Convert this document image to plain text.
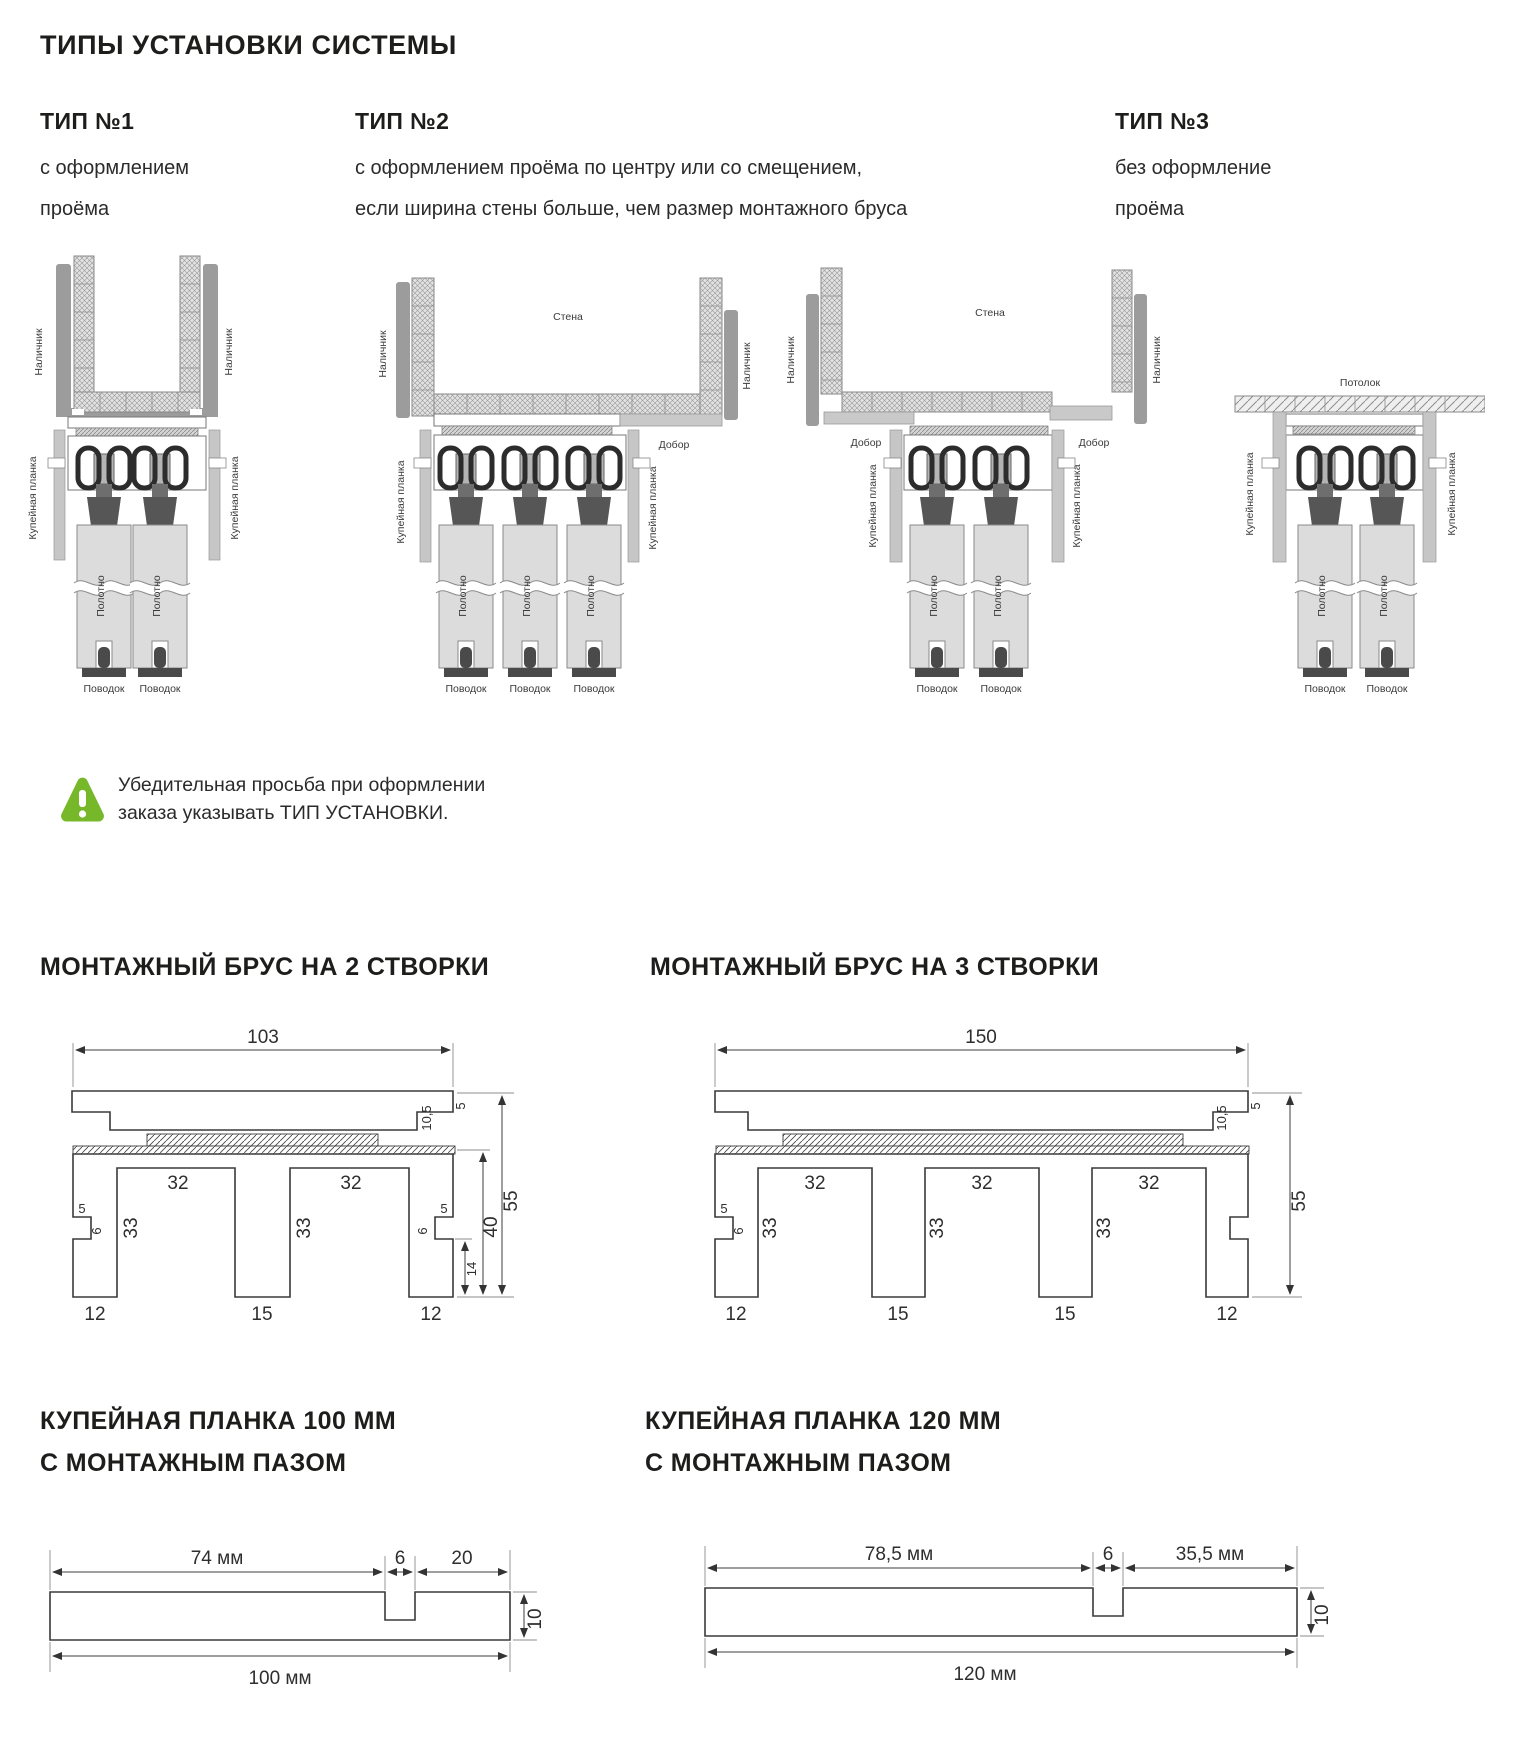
ТИПЫ УСТАНОВКИ СИСТЕМЫ
ТИП №1
с оформлением
проёма
ТИП №2
с оформлением проёма по центру или со смещением,
если ширина стены больше, чем размер монтажного бруса
ТИП №3
без оформление
проёма
Наличник	Наличник
Купейная планка	Купейная планка
Полотно	Полотно
Поводок Поводок
Стена
Наличник	Наличник
Добор
Купейная планка	Купейная планка
Полотно	Полотно	Полотно
Поводок Поводок Поводок
Стена
Наличник	Наличник
Добор	Добор
Купейная планка	Купейная планка
Полотно	Полотно
Поводок Поводок
Потолок
Купейная планка	Купейная планка
Полотно	Полотно
Поводок Поводок
Убедительная просьба при оформлении
заказа указывать ТИП УСТАНОВКИ.
МОНТАЖНЫЙ БРУС НА 2 СТВОРКИ	МОНТАЖНЫЙ БРУС НА 3 СТВОРКИ
103
5
10,5
55
40
14
32	32
33	33
5
6
5
6
12	15	12
150
5
10,5
55
32	32	32
33	33	33
5
6
12	15	15	12
КУПЕЙНАЯ ПЛАНКА 100 ММ
С МОНТАЖНЫМ ПАЗОМ
КУПЕЙНАЯ ПЛАНКА 120 ММ
С МОНТАЖНЫМ ПАЗОМ
74 мм	6 20
10
100 мм
78,5 мм	6	35,5 мм
10
120 мм
